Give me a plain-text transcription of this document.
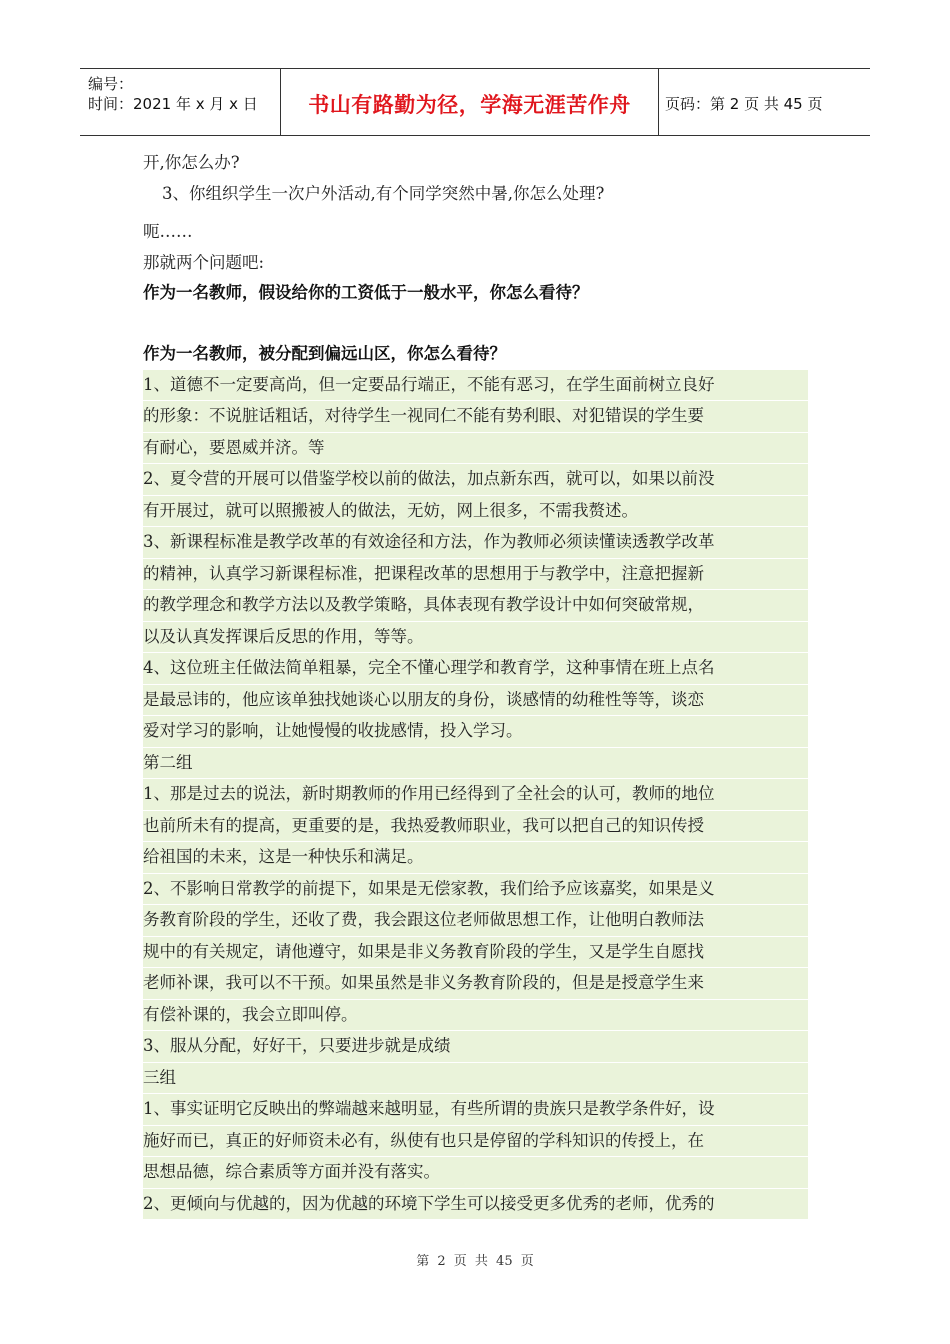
编号：
时间：2021 年 x 月 x 日	书山有路勤为径，学海无涯苦作舟	页码：第 2 页 共 45 页
开,你怎么办?
3、你组织学生一次户外活动,有个同学突然中暑,你怎么处理?
呃……
那就两个问题吧:
作为一名教师，假设给你的工资低于一般水平，你怎么看待？
作为一名教师，被分配到偏远山区，你怎么看待？
1、道德不一定要高尚，但一定要品行端正，不能有恶习，在学生面前树立良好
的形象：不说脏话粗话，对待学生一视同仁不能有势利眼、对犯错误的学生要
有耐心，要恩威并济。等
2、夏令营的开展可以借鉴学校以前的做法，加点新东西，就可以，如果以前没
有开展过，就可以照搬被人的做法，无妨，网上很多，不需我赘述。
3、新课程标准是教学改革的有效途径和方法，作为教师必须读懂读透教学改革
的精神，认真学习新课程标准，把课程改革的思想用于与教学中，注意把握新
的教学理念和教学方法以及教学策略，具体表现有教学设计中如何突破常规，
以及认真发挥课后反思的作用，等等。
4、这位班主任做法简单粗暴，完全不懂心理学和教育学，这种事情在班上点名
是最忌讳的，他应该单独找她谈心以朋友的身份，谈感情的幼稚性等等，谈恋
爱对学习的影响，让她慢慢的收拢感情，投入学习。
第二组
1、那是过去的说法，新时期教师的作用已经得到了全社会的认可，教师的地位
也前所未有的提高，更重要的是，我热爱教师职业，我可以把自己的知识传授
给祖国的未来，这是一种快乐和满足。
2、不影响日常教学的前提下，如果是无偿家教，我们给予应该嘉奖，如果是义
务教育阶段的学生，还收了费，我会跟这位老师做思想工作，让他明白教师法
规中的有关规定，请他遵守，如果是非义务教育阶段的学生，又是学生自愿找
老师补课，我可以不干预。如果虽然是非义务教育阶段的，但是是授意学生来
有偿补课的，我会立即叫停。
3、服从分配，好好干，只要进步就是成绩
三组
1、事实证明它反映出的弊端越来越明显，有些所谓的贵族只是教学条件好，设
施好而已，真正的好师资未必有，纵使有也只是停留的学科知识的传授上，在
思想品德，综合素质等方面并没有落实。
2、更倾向与优越的，因为优越的环境下学生可以接受更多优秀的老师，优秀的
第 2 页 共 45 页
